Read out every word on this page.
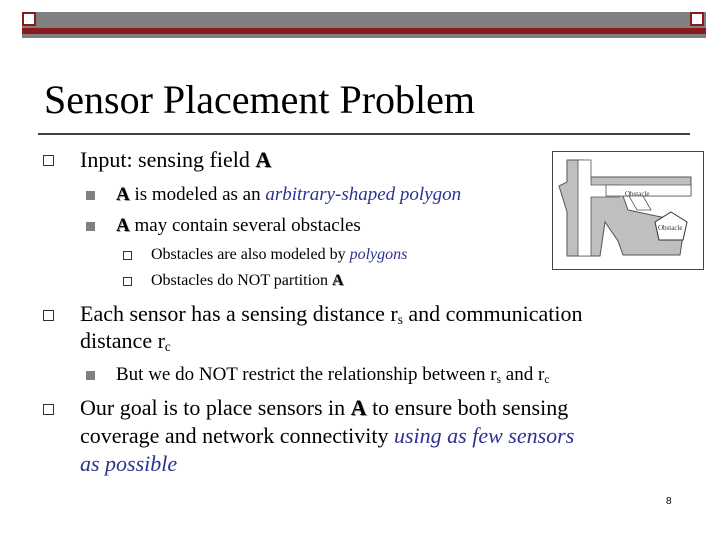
Sensor Placement Problem
Input: sensing field A
A is modeled as an arbitrary-shaped polygon
A may contain several obstacles
Obstacles are also modeled by polygons
Obstacles do NOT partition A
Each sensor has a sensing distance $r_s$ and communication
distance $r_c$
But we do NOT restrict the relationship between $r_s$ and $r_c$
Our goal is to place sensors in A to ensure both sensing
coverage and network connectivity using as few sensors
as possible
Obstacle
Obstacle
8
